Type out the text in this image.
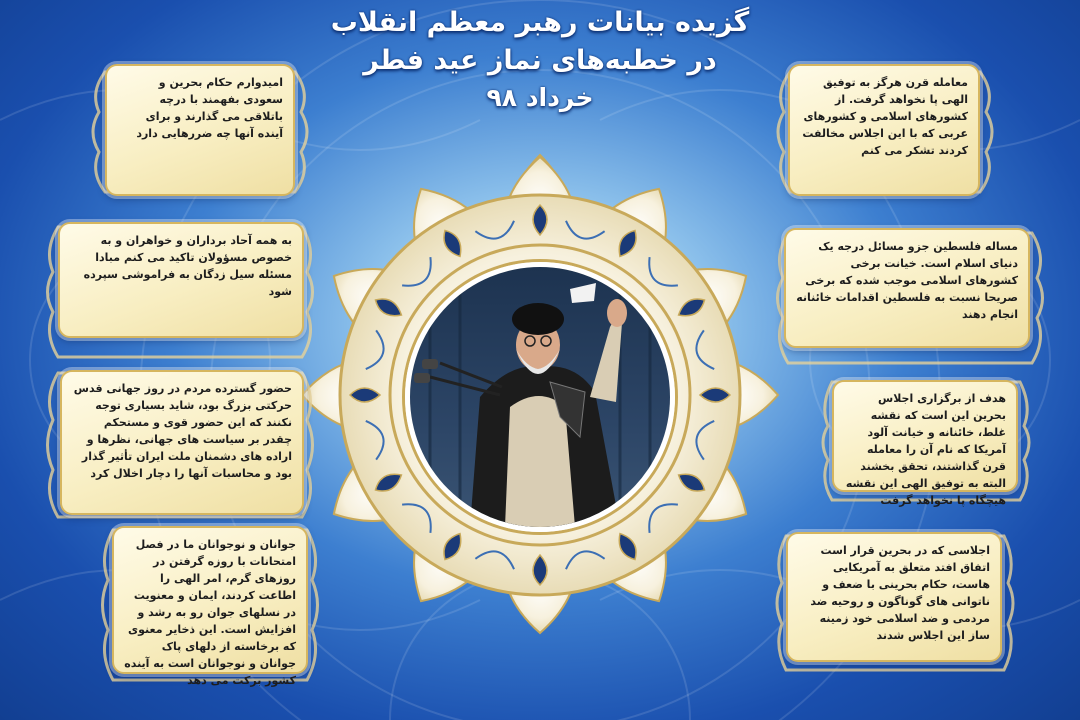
گزیده بیانات رهبر معظم انقلاب
در خطبه‌های نماز عید فطر
خرداد ۹۸
امیدوارم حکام بحرین و سعودی بفهمند با درچه باتلاقی می گذارند و برای آینده آنها چه ضررهایی دارد
به همه آحاد برداران و خواهران و به خصوص مسؤولان تاکید می کنم مبادا مسئله سیل زدگان به فراموشی سپرده شود
حضور گسترده مردم در روز جهانی قدس حرکتی بزرگ بود، شاید بسیاری توجه نکنند که این حضور قوی و مستحکم چقدر بر سیاست های جهانی، نظرها و اراده های دشمنان ملت ایران تأثیر گذار بود و محاسبات آنها را دچار اخلال کرد
جوانان و نوجوانان ما در فصل امتحانات با روزه گرفتن در روزهای گرم، امر الهی را اطاعت کردند، ایمان و معنویت در نسلهای جوان رو به رشد و افزایش است. این ذخایر معنوی که برخاسته از دلهای پاک جوانان و نوجوانان است به آینده کشور برکت می دهد
معامله قرن هرگز به توفیق الهی پا نخواهد گرفت. از کشورهای اسلامی و کشورهای عربی که با این اجلاس مخالفت کردند تشکر می کنم
مساله فلسطین جزو مسائل درجه یک دنیای اسلام است. خیانت برخی کشورهای اسلامی موجب شده که برخی صریحا نسبت به فلسطین اقدامات خائنانه انجام دهند
هدف از برگزاری اجلاس بحرین این است که نقشه غلط، خائنانه و خیانت آلود آمریکا که نام آن را معامله قرن گذاشتند، تحقق بخشند البته به توفیق الهی این نقشه هیچگاه پا نخواهد گرفت
اجلاسی که در بحرین قرار است اتفاق افتد متعلق به آمریکایی هاست، حکام بحرینی با ضعف و ناتوانی های گوناگون و روحیه ضد مردمی و ضد اسلامی خود زمینه ساز این اجلاس شدند
